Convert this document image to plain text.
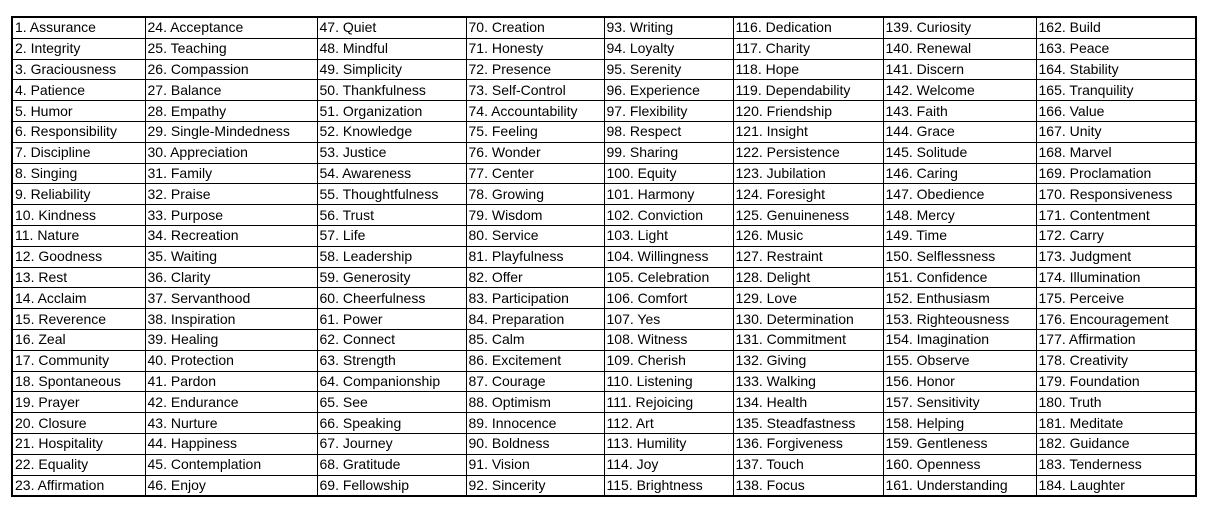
1. Assurance	24. Acceptance	47. Quiet	70. Creation	93. Writing	116. Dedication	139. Curiosity	162. Build
2. Integrity	25. Teaching	48. Mindful	71. Honesty	94. Loyalty	117. Charity	140. Renewal	163. Peace
3. Graciousness	26. Compassion	49. Simplicity	72. Presence	95. Serenity	118. Hope	141. Discern	164. Stability
4. Patience	27. Balance	50. Thankfulness	73. Self-Control	96. Experience	119. Dependability	142. Welcome	165. Tranquility
5. Humor	28. Empathy	51. Organization	74. Accountability	97. Flexibility	120. Friendship	143. Faith	166. Value
6. Responsibility	29. Single-Mindedness	52. Knowledge	75. Feeling	98. Respect	121. Insight	144. Grace	167. Unity
7. Discipline	30. Appreciation	53. Justice	76. Wonder	99. Sharing	122. Persistence	145. Solitude	168. Marvel
8. Singing	31. Family	54. Awareness	77. Center	100. Equity	123. Jubilation	146. Caring	169. Proclamation
9. Reliability	32. Praise	55. Thoughtfulness	78. Growing	101. Harmony	124. Foresight	147. Obedience	170. Responsiveness
10. Kindness	33. Purpose	56. Trust	79. Wisdom	102. Conviction	125. Genuineness	148. Mercy	171. Contentment
11. Nature	34. Recreation	57. Life	80. Service	103. Light	126. Music	149. Time	172. Carry
12. Goodness	35. Waiting	58. Leadership	81. Playfulness	104. Willingness	127. Restraint	150. Selflessness	173. Judgment
13. Rest	36. Clarity	59. Generosity	82. Offer	105. Celebration	128. Delight	151. Confidence	174. Illumination
14. Acclaim	37. Servanthood	60. Cheerfulness	83. Participation	106. Comfort	129. Love	152. Enthusiasm	175. Perceive
15. Reverence	38. Inspiration	61. Power	84. Preparation	107. Yes	130. Determination	153. Righteousness	176. Encouragement
16. Zeal	39. Healing	62. Connect	85. Calm	108. Witness	131. Commitment	154. Imagination	177. Affirmation
17. Community	40. Protection	63. Strength	86. Excitement	109. Cherish	132. Giving	155. Observe	178. Creativity
18. Spontaneous	41. Pardon	64. Companionship	87. Courage	110. Listening	133. Walking	156. Honor	179. Foundation
19. Prayer	42. Endurance	65. See	88. Optimism	111. Rejoicing	134. Health	157. Sensitivity	180. Truth
20. Closure	43. Nurture	66. Speaking	89. Innocence	112. Art	135. Steadfastness	158. Helping	181. Meditate
21. Hospitality	44. Happiness	67. Journey	90. Boldness	113. Humility	136. Forgiveness	159. Gentleness	182. Guidance
22. Equality	45. Contemplation	68. Gratitude	91. Vision	114. Joy	137. Touch	160. Openness	183. Tenderness
23. Affirmation	46. Enjoy	69. Fellowship	92. Sincerity	115. Brightness	138. Focus	161. Understanding	184. Laughter
